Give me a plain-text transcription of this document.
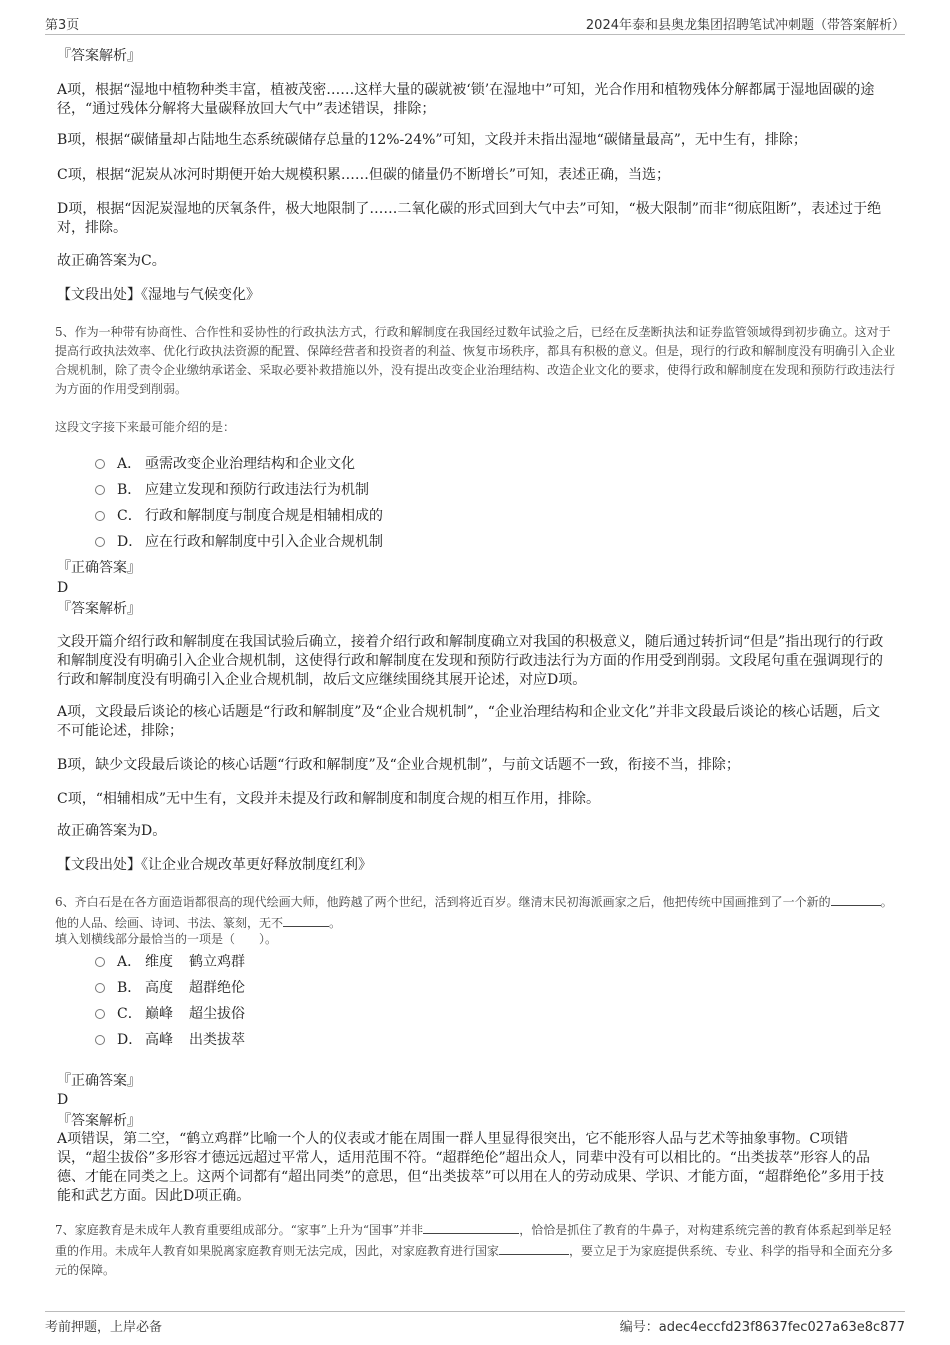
第3页	2024年泰和县奥龙集团招聘笔试冲刺题（带答案解析）
『答案解析』
A项，根据“湿地中植物种类丰富，植被茂密……这样大量的碳就被‘锁’在湿地中”可知，光合作用和植物残体分解都属于湿地固碳的途径，“通过残体分解将大量碳释放回大气中”表述错误，排除；
B项，根据“碳储量却占陆地生态系统碳储存总量的12%-24%”可知，文段并未指出湿地“碳储量最高”，无中生有，排除；
C项，根据“泥炭从冰河时期便开始大规模积累……但碳的储量仍不断增长”可知，表述正确，当选；
D项，根据“因泥炭湿地的厌氧条件，极大地限制了……二氧化碳的形式回到大气中去”可知，“极大限制”而非“彻底阻断”，表述过于绝对，排除。
故正确答案为C。
【文段出处】《湿地与气候变化》
5、作为一种带有协商性、合作性和妥协性的行政执法方式，行政和解制度在我国经过数年试验之后，已经在反垄断执法和证券监管领域得到初步确立。这对于提高行政执法效率、优化行政执法资源的配置、保障经营者和投资者的利益、恢复市场秩序，都具有积极的意义。但是，现行的行政和解制度没有明确引入企业合规机制，除了责令企业缴纳承诺金、采取必要补救措施以外，没有提出改变企业治理结构、改造企业文化的要求，使得行政和解制度在发现和预防行政违法行为方面的作用受到削弱。
这段文字接下来最可能介绍的是：
A． 亟需改变企业治理结构和企业文化
B． 应建立发现和预防行政违法行为机制
C． 行政和解制度与制度合规是相辅相成的
D． 应在行政和解制度中引入企业合规机制
『正确答案』
D
『答案解析』
文段开篇介绍行政和解制度在我国试验后确立，接着介绍行政和解制度确立对我国的积极意义，随后通过转折词“但是”指出现行的行政和解制度没有明确引入企业合规机制，这使得行政和解制度在发现和预防行政违法行为方面的作用受到削弱。文段尾句重在强调现行的行政和解制度没有明确引入企业合规机制，故后文应继续围绕其展开论述，对应D项。
A项，文段最后谈论的核心话题是“行政和解制度”及“企业合规机制”，“企业治理结构和企业文化”并非文段最后谈论的核心话题，后文不可能论述，排除；
B项，缺少文段最后谈论的核心话题“行政和解制度”及“企业合规机制”，与前文话题不一致，衔接不当，排除；
C项，“相辅相成”无中生有，文段并未提及行政和解制度和制度合规的相互作用，排除。
故正确答案为D。
【文段出处】《让企业合规改革更好释放制度红利》
6、齐白石是在各方面造诣都很高的现代绘画大师，他跨越了两个世纪，活到将近百岁。继清末民初海派画家之后，他把传统中国画推到了一个新的	。他的人品、绘画、诗词、书法、篆刻，无不	。
填入划横线部分最恰当的一项是（　　）。
A． 维度 鹤立鸡群
B． 高度 超群绝伦
C． 巅峰 超尘拔俗
D． 高峰 出类拔萃
『正确答案』
D
『答案解析』
A项错误，第二空，“鹤立鸡群”比喻一个人的仪表或才能在周围一群人里显得很突出，它不能形容人品与艺术等抽象事物。C项错误，“超尘拔俗”多形容才德远远超过平常人，适用范围不符。“超群绝伦”超出众人，同辈中没有可以相比的。“出类拔萃”形容人的品德、才能在同类之上。这两个词都有“超出同类”的意思，但“出类拔萃”可以用在人的劳动成果、学识、才能方面，“超群绝伦”多用于技能和武艺方面。因此D项正确。
7、家庭教育是未成年人教育重要组成部分。“家事”上升为“国事”并非	，恰恰是抓住了教育的牛鼻子，对构建系统完善的教育体系起到举足轻重的作用。未成年人教育如果脱离家庭教育则无法完成，因此，对家庭教育进行国家	，要立足于为家庭提供系统、专业、科学的指导和全面充分多元的保障。
考前押题，上岸必备	编号：adec4eccfd23f8637fec027a63e8c877
